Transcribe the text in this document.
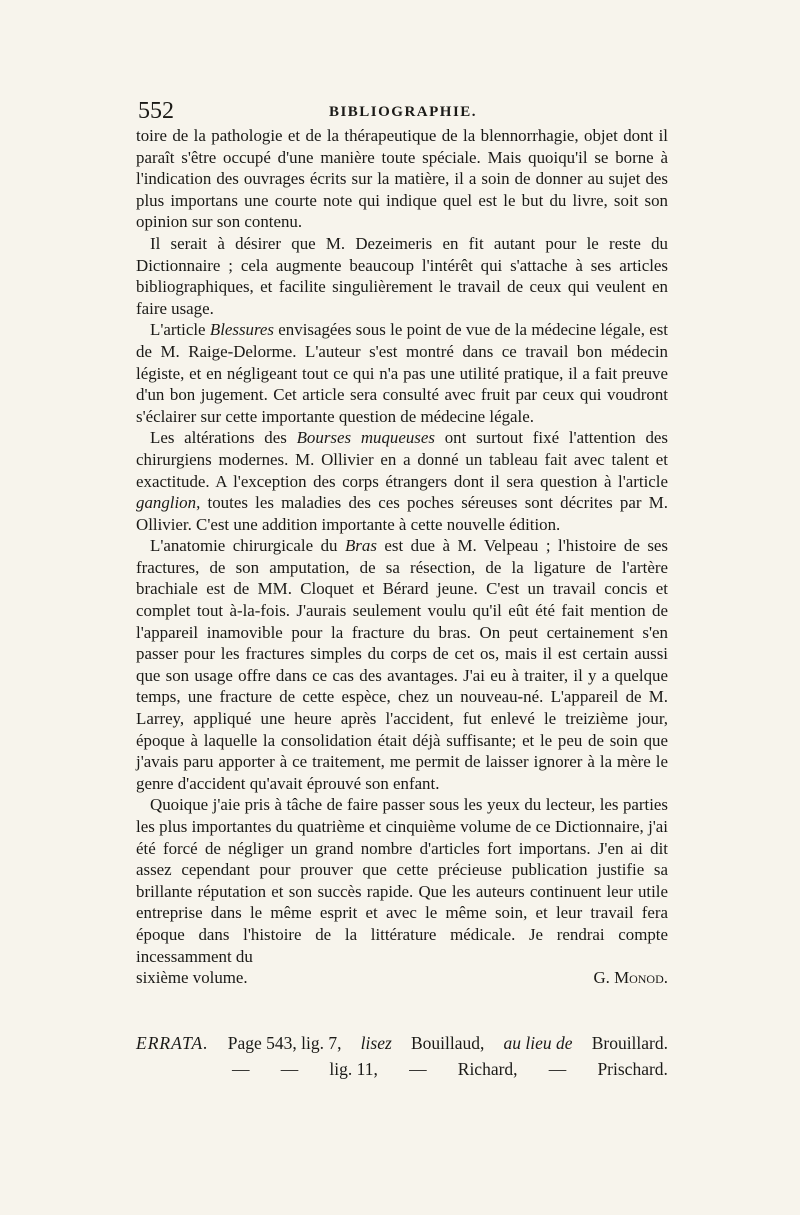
552	BIBLIOGRAPHIE.

toire de la pathologie et de la thérapeutique de la blennorrhagie, objet dont il paraît s'être occupé d'une manière toute spéciale. Mais quoiqu'il se borne à l'indication des ouvrages écrits sur la matière, il a soin de donner au sujet des plus importans une courte note qui indique quel est le but du livre, soit son opinion sur son contenu.

Il serait à désirer que M. Dezeimeris en fit autant pour le reste du Dictionnaire ; cela augmente beaucoup l'intérêt qui s'attache à ses articles bibliographiques, et facilite singulièrement le travail de ceux qui veulent en faire usage.

L'article Blessures envisagées sous le point de vue de la médecine légale, est de M. Raige-Delorme. L'auteur s'est montré dans ce travail bon médecin légiste, et en négligeant tout ce qui n'a pas une utilité pratique, il a fait preuve d'un bon jugement. Cet article sera consulté avec fruit par ceux qui voudront s'éclairer sur cette importante question de médecine légale.

Les altérations des Bourses muqueuses ont surtout fixé l'attention des chirurgiens modernes. M. Ollivier en a donné un tableau fait avec talent et exactitude. A l'exception des corps étrangers dont il sera question à l'article ganglion, toutes les maladies des ces poches séreuses sont décrites par M. Ollivier. C'est une addition importante à cette nouvelle édition.

L'anatomie chirurgicale du Bras est due à M. Velpeau ; l'histoire de ses fractures, de son amputation, de sa résection, de la ligature de l'artère brachiale est de MM. Cloquet et Bérard jeune. C'est un travail concis et complet tout à-la-fois. J'aurais seulement voulu qu'il eût été fait mention de l'appareil inamovible pour la fracture du bras. On peut certainement s'en passer pour les fractures simples du corps de cet os, mais il est certain aussi que son usage offre dans ce cas des avantages. J'ai eu à traiter, il y a quelque temps, une fracture de cette espèce, chez un nouveau-né. L'appareil de M. Larrey, appliqué une heure après l'accident, fut enlevé le treizième jour, époque à laquelle la consolidation était déjà suffisante; et le peu de soin que j'avais paru apporter à ce traitement, me permit de laisser ignorer à la mère le genre d'accident qu'avait éprouvé son enfant.

Quoique j'aie pris à tâche de faire passer sous les yeux du lecteur, les parties les plus importantes du quatrième et cinquième volume de ce Dictionnaire, j'ai été forcé de négliger un grand nombre d'articles fort importans. J'en ai dit assez cependant pour prouver que cette précieuse publication justifie sa brillante réputation et son succès rapide. Que les auteurs continuent leur utile entreprise dans le même esprit et avec le même soin, et leur travail fera époque dans l'histoire de la littérature médicale. Je rendrai compte incessamment du

sixième volume.	G. Monod.
ERRATA. Page 543, lig. 7, lisez Bouillaud, au lieu de Brouillard.
— — lig. 11, — Richard, — Prischard.
